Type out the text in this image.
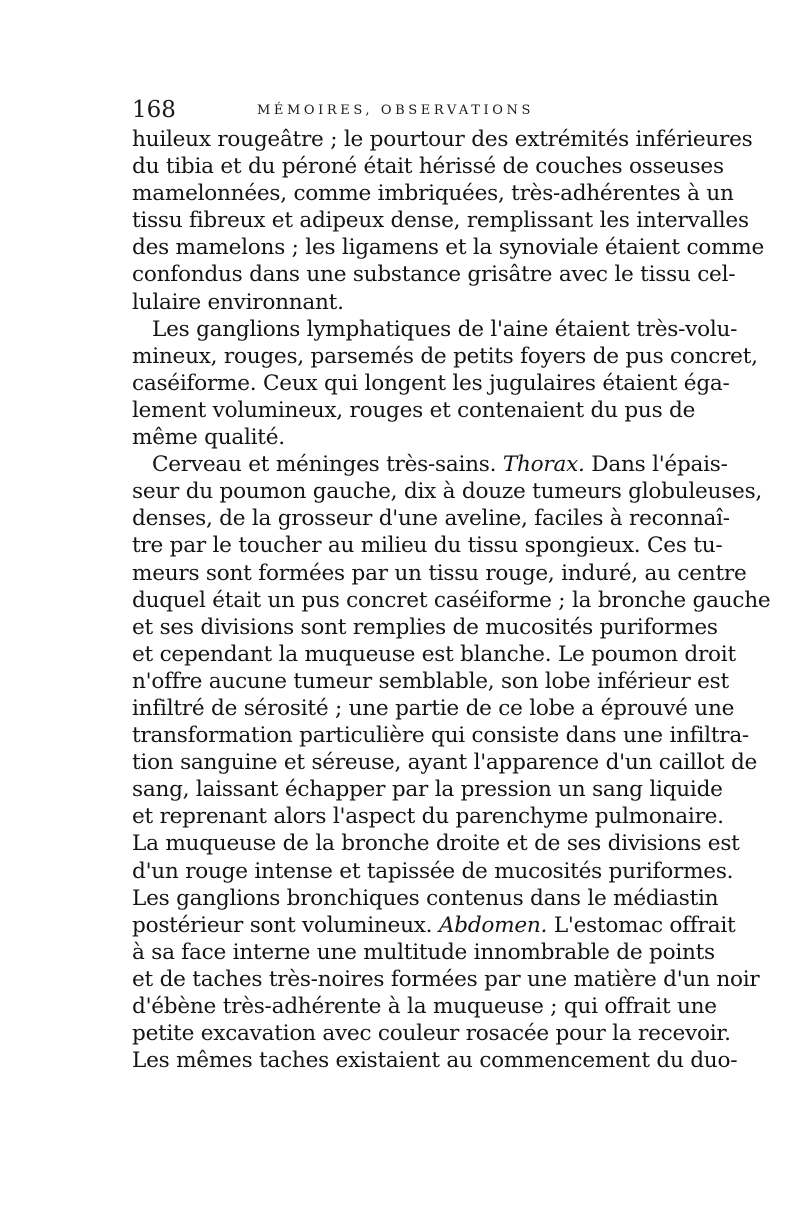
168	MÉMOIRES, OBSERVATIONS
huileux rougeâtre ; le pourtour des extrémités inférieures
du tibia et du péroné était hérissé de couches osseuses
mamelonnées, comme imbriquées, très-adhérentes à un
tissu fibreux et adipeux dense, remplissant les intervalles
des mamelons ; les ligamens et la synoviale étaient comme
confondus dans une substance grisâtre avec le tissu cel-
lulaire environnant.
Les ganglions lymphatiques de l'aine étaient très-volu-
mineux, rouges, parsemés de petits foyers de pus concret,
caséiforme. Ceux qui longent les jugulaires étaient éga-
lement volumineux, rouges et contenaient du pus de
même qualité.
Cerveau et méninges très-sains. Thorax. Dans l'épais-
seur du poumon gauche, dix à douze tumeurs globuleuses,
denses, de la grosseur d'une aveline, faciles à reconnaî-
tre par le toucher au milieu du tissu spongieux. Ces tu-
meurs sont formées par un tissu rouge, induré, au centre
duquel était un pus concret caséiforme ; la bronche gauche
et ses divisions sont remplies de mucosités puriformes
et cependant la muqueuse est blanche. Le poumon droit
n'offre aucune tumeur semblable, son lobe inférieur est
infiltré de sérosité ; une partie de ce lobe a éprouvé une
transformation particulière qui consiste dans une infiltra-
tion sanguine et séreuse, ayant l'apparence d'un caillot de
sang, laissant échapper par la pression un sang liquide
et reprenant alors l'aspect du parenchyme pulmonaire.
La muqueuse de la bronche droite et de ses divisions est
d'un rouge intense et tapissée de mucosités puriformes.
Les ganglions bronchiques contenus dans le médiastin
postérieur sont volumineux. Abdomen. L'estomac offrait
à sa face interne une multitude innombrable de points
et de taches très-noires formées par une matière d'un noir
d'ébène très-adhérente à la muqueuse ; qui offrait une
petite excavation avec couleur rosacée pour la recevoir.
Les mêmes taches existaient au commencement du duo-
